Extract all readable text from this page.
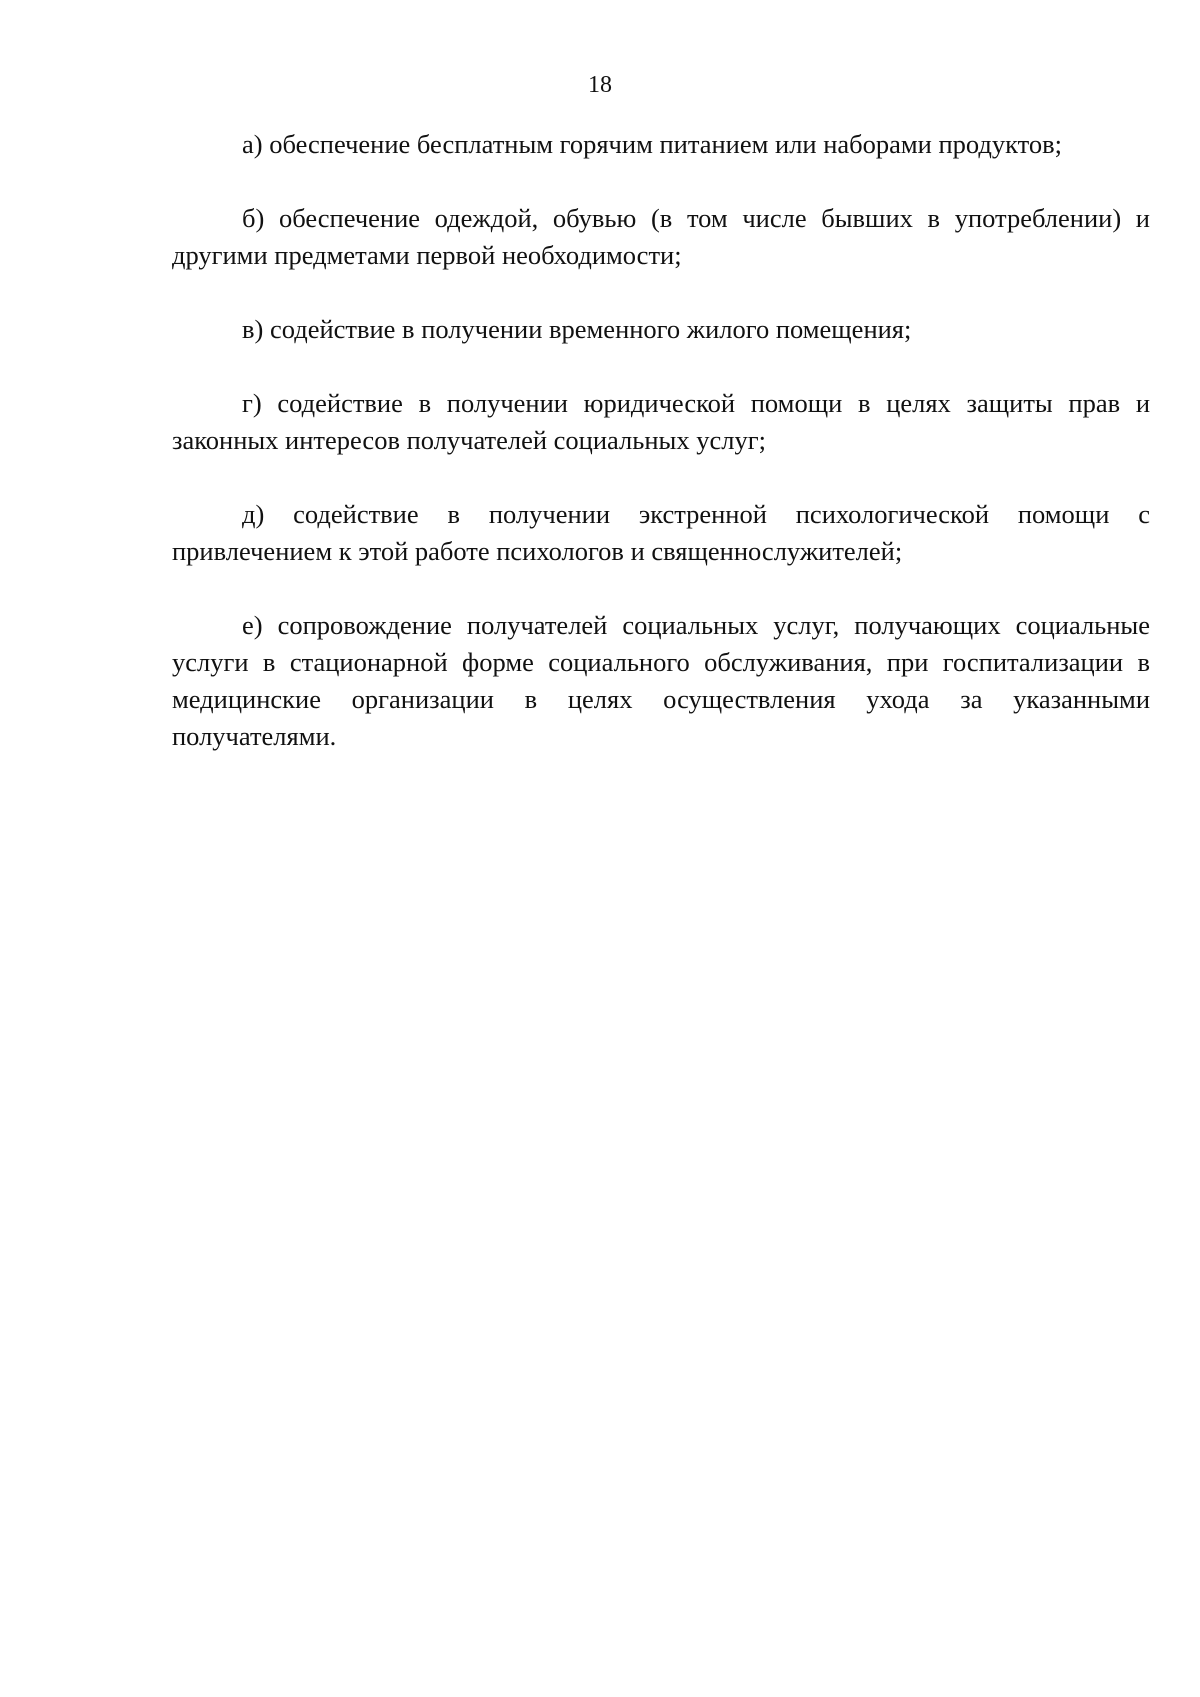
18

а) обеспечение бесплатным горячим питанием или наборами продуктов;

б) обеспечение одеждой, обувью (в том числе бывших в употреблении) и другими предметами первой необходимости;

в) содействие в получении временного жилого помещения;

г) содействие в получении юридической помощи в целях защиты прав и законных интересов получателей социальных услуг;

д) содействие в получении экстренной психологической помощи с привлечением к этой работе психологов и священнослужителей;

е) сопровождение получателей социальных услуг, получающих социальные услуги в стационарной форме социального обслуживания, при госпитализации в медицинские организации в целях осуществления ухода за указанными получателями.
